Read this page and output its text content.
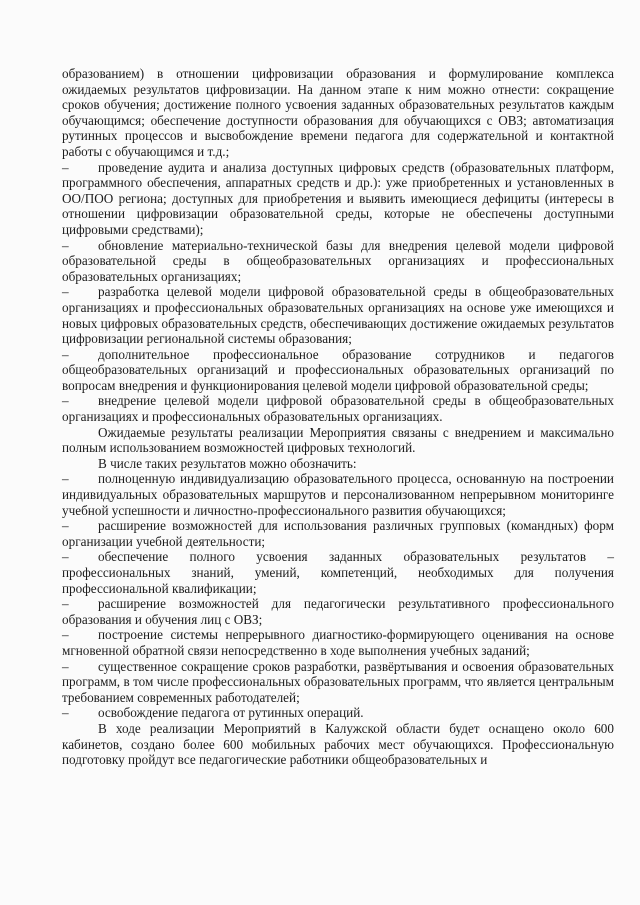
образованием) в отношении цифровизации образования и формулирование комплекса ожидаемых результатов цифровизации. На данном этапе к ним можно отнести: сокращение сроков обучения; достижение полного усвоения заданных образовательных результатов каждым обучающимся; обеспечение доступности образования для обучающихся с ОВЗ; автоматизация рутинных процессов и высвобождение времени педагога для содержательной и контактной работы с обучающимся и т.д.;

– проведение аудита и анализа доступных цифровых средств (образовательных платформ, программного обеспечения, аппаратных средств и др.): уже приобретенных и установленных в ОО/ПОО региона; доступных для приобретения и выявить имеющиеся дефициты (интересы в отношении цифровизации образовательной среды, которые не обеспечены доступными цифровыми средствами);

– обновление материально-технической базы для внедрения целевой модели цифровой образовательной среды в общеобразовательных организациях и профессиональных образовательных организациях;

– разработка целевой модели цифровой образовательной среды в общеобразовательных организациях и профессиональных образовательных организациях на основе уже имеющихся и новых цифровых образовательных средств, обеспечивающих достижение ожидаемых результатов цифровизации региональной системы образования;

– дополнительное профессиональное образование сотрудников и педагогов общеобразовательных организаций и профессиональных образовательных организаций по вопросам внедрения и функционирования целевой модели цифровой образовательной среды;

– внедрение целевой модели цифровой образовательной среды в общеобразовательных организациях и профессиональных образовательных организациях.

Ожидаемые результаты реализации Мероприятия связаны с внедрением и максимально полным использованием возможностей цифровых технологий.

В числе таких результатов можно обозначить:

– полноценную индивидуализацию образовательного процесса, основанную на построении индивидуальных образовательных маршрутов и персонализованном непрерывном мониторинге учебной успешности и личностно-профессионального развития обучающихся;

– расширение возможностей для использования различных групповых (командных) форм организации учебной деятельности;

– обеспечение полного усвоения заданных образовательных результатов – профессиональных знаний, умений, компетенций, необходимых для получения профессиональной квалификации;

– расширение возможностей для педагогически результативного профессионального образования и обучения лиц с ОВЗ;

– построение системы непрерывного диагностико-формирующего оценивания на основе мгновенной обратной связи непосредственно в ходе выполнения учебных заданий;

– существенное сокращение сроков разработки, развёртывания и освоения образовательных программ, в том числе профессиональных образовательных программ, что является центральным требованием современных работодателей;

– освобождение педагога от рутинных операций.

В ходе реализации Мероприятий в Калужской области будет оснащено около 600 кабинетов, создано более 600 мобильных рабочих мест обучающихся. Профессиональную подготовку пройдут все педагогические работники общеобразовательных и
